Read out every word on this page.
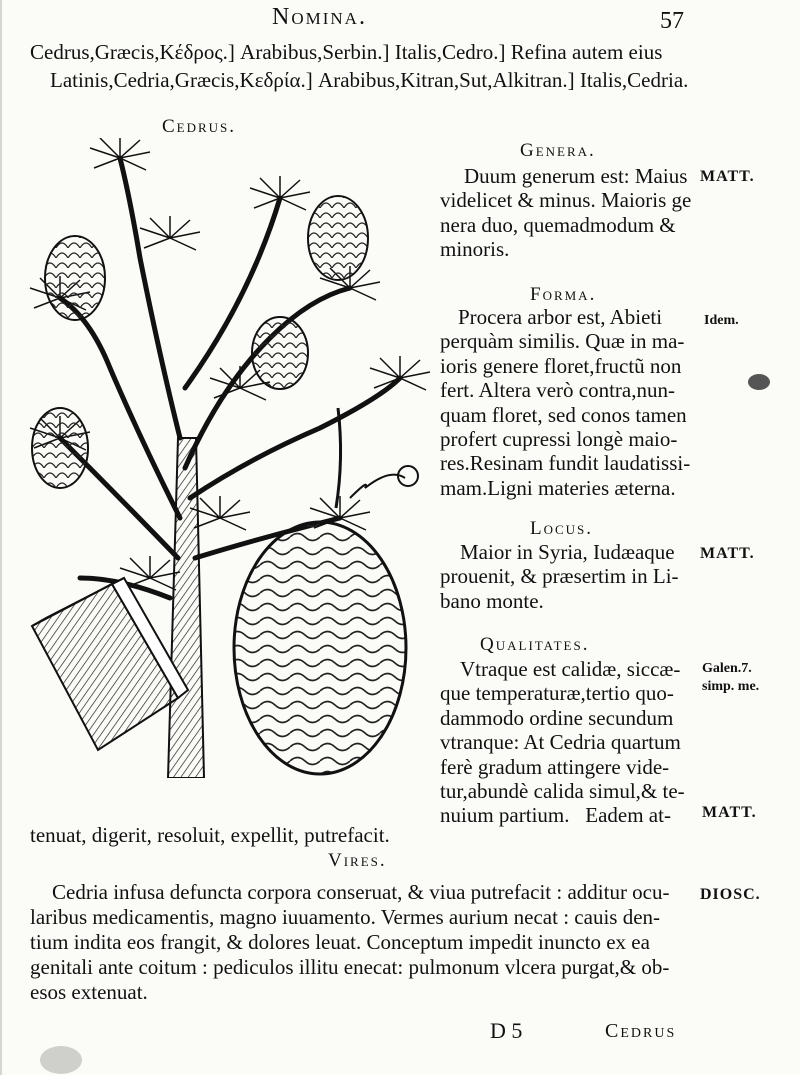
Nomina.	57
Cedrus,Græcis,Κέδρος.] Arabibus,Serbin.] Italis,Cedro.] Refina autem eius
Latinis,Cedria,Græcis,Κεδρία.] Arabibus,Kitran,Sut,Alkitran.] Italis,Cedria.
Cedrus.
Genera.
Duum generum est: Maius
videlicet & minus. Maioris ge
nera duo, quemadmodum &
minoris.
MATT.
Forma.
Procera arbor est, Abieti
perquàm similis. Quæ in ma-
ioris genere floret,fructũ non
fert. Altera verò contra,nun-
quam floret, sed conos tamen
profert cupressi longè maio-
res.Resinam fundit laudatissi-
mam.Ligni materies æterna.
Idem.
Locus.
Maior in Syria, Iudæaque
prouenit, & præsertim in Li-
bano monte.
MATT.
Qualitates.
Vtraque est calidæ, siccæ-
que temperaturæ,tertio quo-
dammodo ordine secundum
vtranque: At Cedria quartum
ferè gradum attingere vide-
tur,abundè calida simul,& te-
nuium partium.   Eadem at-
Galen.7.
simp. me.
MATT.
tenuat, digerit, resoluit, expellit, putrefacit.
Vires.
Cedria infusa defuncta corpora conseruat, & viua putrefacit : additur ocu-
laribus medicamentis, magno iuuamento. Vermes aurium necat : cauis den-
tium indita eos frangit, & dolores leuat. Conceptum impedit inuncto ex ea
genitali ante coitum : pediculos illitu enecat: pulmonum vlcera purgat,& ob-
esos extenuat.
DIOSC.
D 5	Cedrus
